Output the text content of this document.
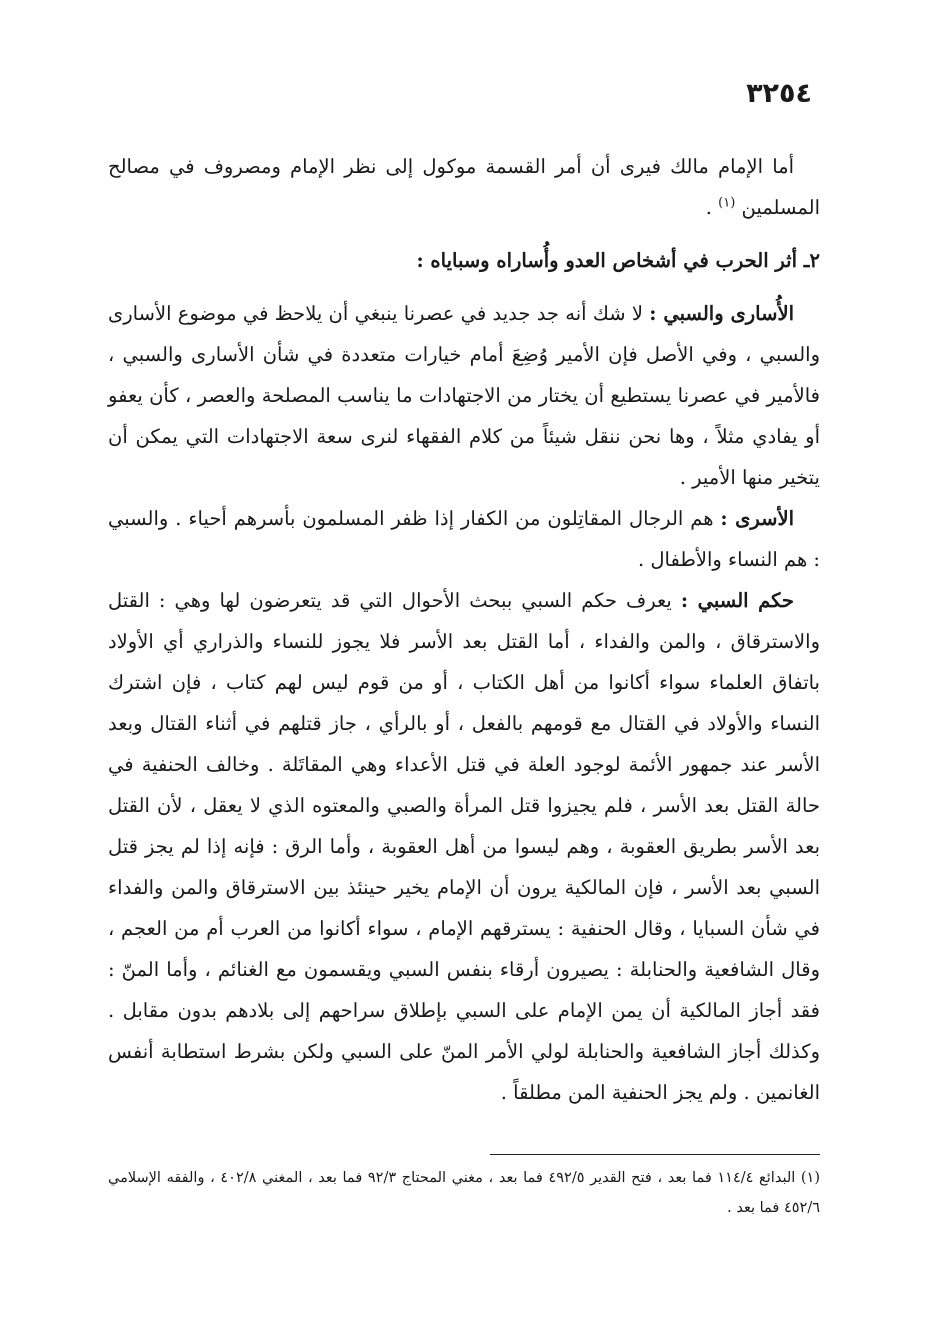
٣٢٥٤

أما الإمام مالك فيرى أن أمر القسمة موكول إلى نظر الإمام ومصروف في مصالح المسلمين $^{(١)}$ .

٢ـ أثر الحرب في أشخاص العدو وأُساراه وسباياه :

الأُسارى والسبي : لا شك أنه جد جديد في عصرنا ينبغي أن يلاحظ في موضوع الأسارى والسبي ، وفي الأصل فإن الأمير وُضِعَ أمام خيارات متعددة في شأن الأسارى والسبي ، فالأمير في عصرنا يستطيع أن يختار من الاجتهادات ما يناسب المصلحة والعصر ، كأن يعفو أو يفادي مثلاً ، وها نحن ننقل شيئاً من كلام الفقهاء لنرى سعة الاجتهادات التي يمكن أن يتخير منها الأمير .

الأسرى : هم الرجال المقاتِلون من الكفار إذا ظفر المسلمون بأسرهم أحياء . والسبي : هم النساء والأطفال .

حكم السبي : يعرف حكم السبي ببحث الأحوال التي قد يتعرضون لها وهي : القتل والاسترقاق ، والمن والفداء ، أما القتل بعد الأسر فلا يجوز للنساء والذراري أي الأولاد باتفاق العلماء سواء أكانوا من أهل الكتاب ، أو من قوم ليس لهم كتاب ، فإن اشترك النساء والأولاد في القتال مع قومهم بالفعل ، أو بالرأي ، جاز قتلهم في أثناء القتال وبعد الأسر عند جمهور الأئمة لوجود العلة في قتل الأعداء وهي المقاتَلة . وخالف الحنفية في حالة القتل بعد الأسر ، فلم يجيزوا قتل المرأة والصبي والمعتوه الذي لا يعقل ، لأن القتل بعد الأسر بطريق العقوبة ، وهم ليسوا من أهل العقوبة ، وأما الرق : فإنه إذا لم يجز قتل السبي بعد الأسر ، فإن المالكية يرون أن الإمام يخير حينئذ بين الاسترقاق والمن والفداء في شأن السبايا ، وقال الحنفية : يسترقهم الإمام ، سواء أكانوا من العرب أم من العجم ، وقال الشافعية والحنابلة : يصيرون أرقاء بنفس السبي ويقسمون مع الغنائم ، وأما المنّ : فقد أجاز المالكية أن يمن الإمام على السبي بإطلاق سراحهم إلى بلادهم بدون مقابل . وكذلك أجاز الشافعية والحنابلة لولي الأمر المنّ على السبي ولكن بشرط استطابة أنفس الغانمين . ولم يجز الحنفية المن مطلقاً .

(١) البدائع ١١٤/٤ فما بعد ، فتح القدير ٤٩٢/٥ فما بعد ، مغني المحتاج ٩٢/٣ فما بعد ، المغني ٤٠٢/٨ ، والفقه الإسلامي ٤٥٢/٦ فما بعد .
